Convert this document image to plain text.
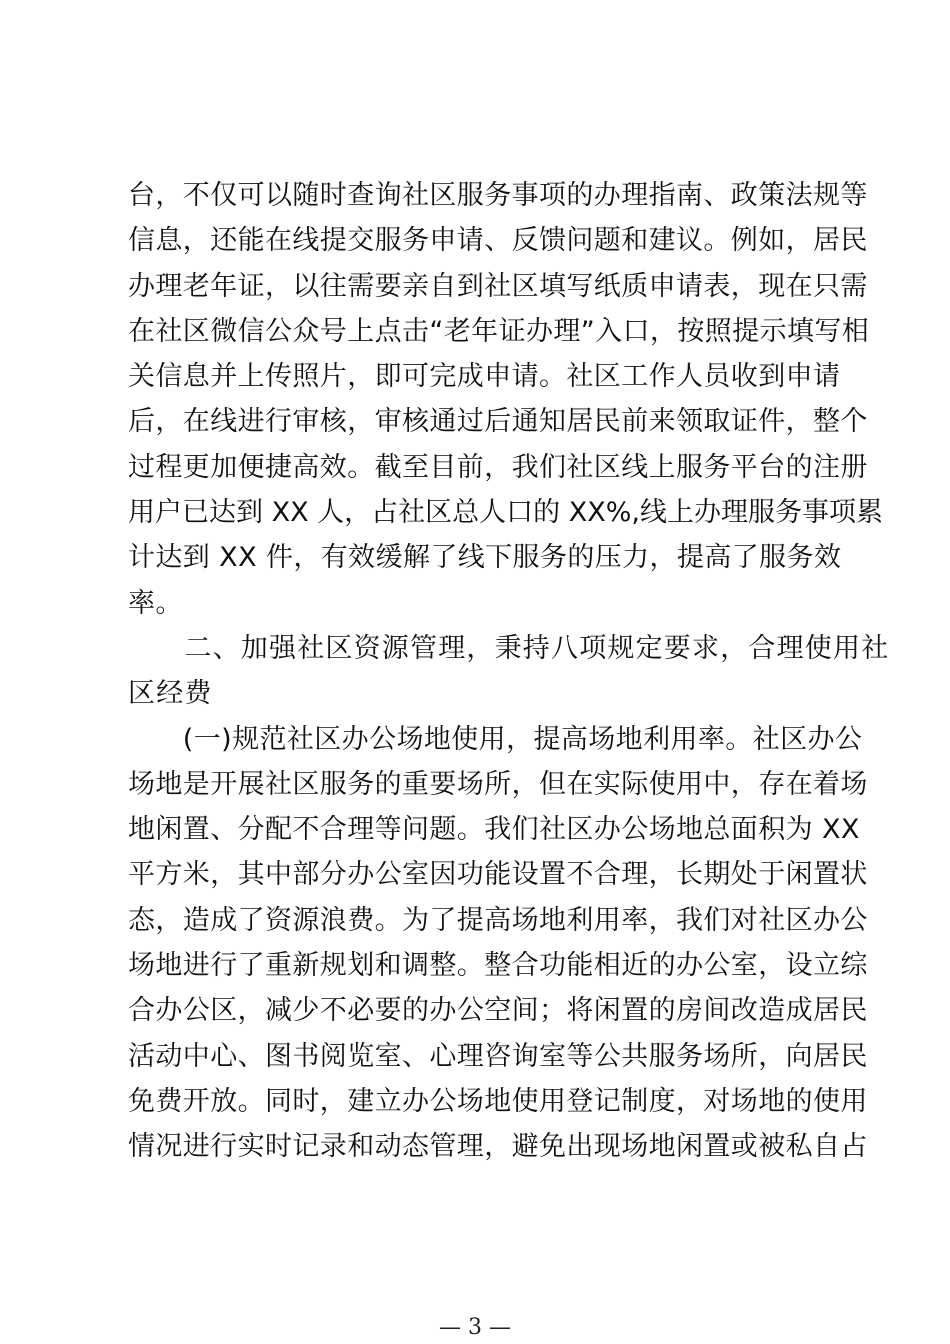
台，不仅可以随时查询社区服务事项的办理指南、政策法规等
信息，还能在线提交服务申请、反馈问题和建议。例如，居民
办理老年证，以往需要亲自到社区填写纸质申请表，现在只需
在社区微信公众号上点击“老年证办理”入口，按照提示填写相
关信息并上传照片，即可完成申请。社区工作人员收到申请
后，在线进行审核，审核通过后通知居民前来领取证件，整个
过程更加便捷高效。截至目前，我们社区线上服务平台的注册
用户已达到 XX 人，占社区总人口的 XX%,线上办理服务事项累
计达到 XX 件，有效缓解了线下服务的压力，提高了服务效
率。
　　二、加强社区资源管理，秉持八项规定要求，合理使用社
区经费
　　(一)规范社区办公场地使用，提高场地利用率。社区办公
场地是开展社区服务的重要场所，但在实际使用中，存在着场
地闲置、分配不合理等问题。我们社区办公场地总面积为 XX
平方米，其中部分办公室因功能设置不合理，长期处于闲置状
态，造成了资源浪费。为了提高场地利用率，我们对社区办公
场地进行了重新规划和调整。整合功能相近的办公室，设立综
合办公区，减少不必要的办公空间；将闲置的房间改造成居民
活动中心、图书阅览室、心理咨询室等公共服务场所，向居民
免费开放。同时，建立办公场地使用登记制度，对场地的使用
情况进行实时记录和动态管理，避免出现场地闲置或被私自占
— 3 —
